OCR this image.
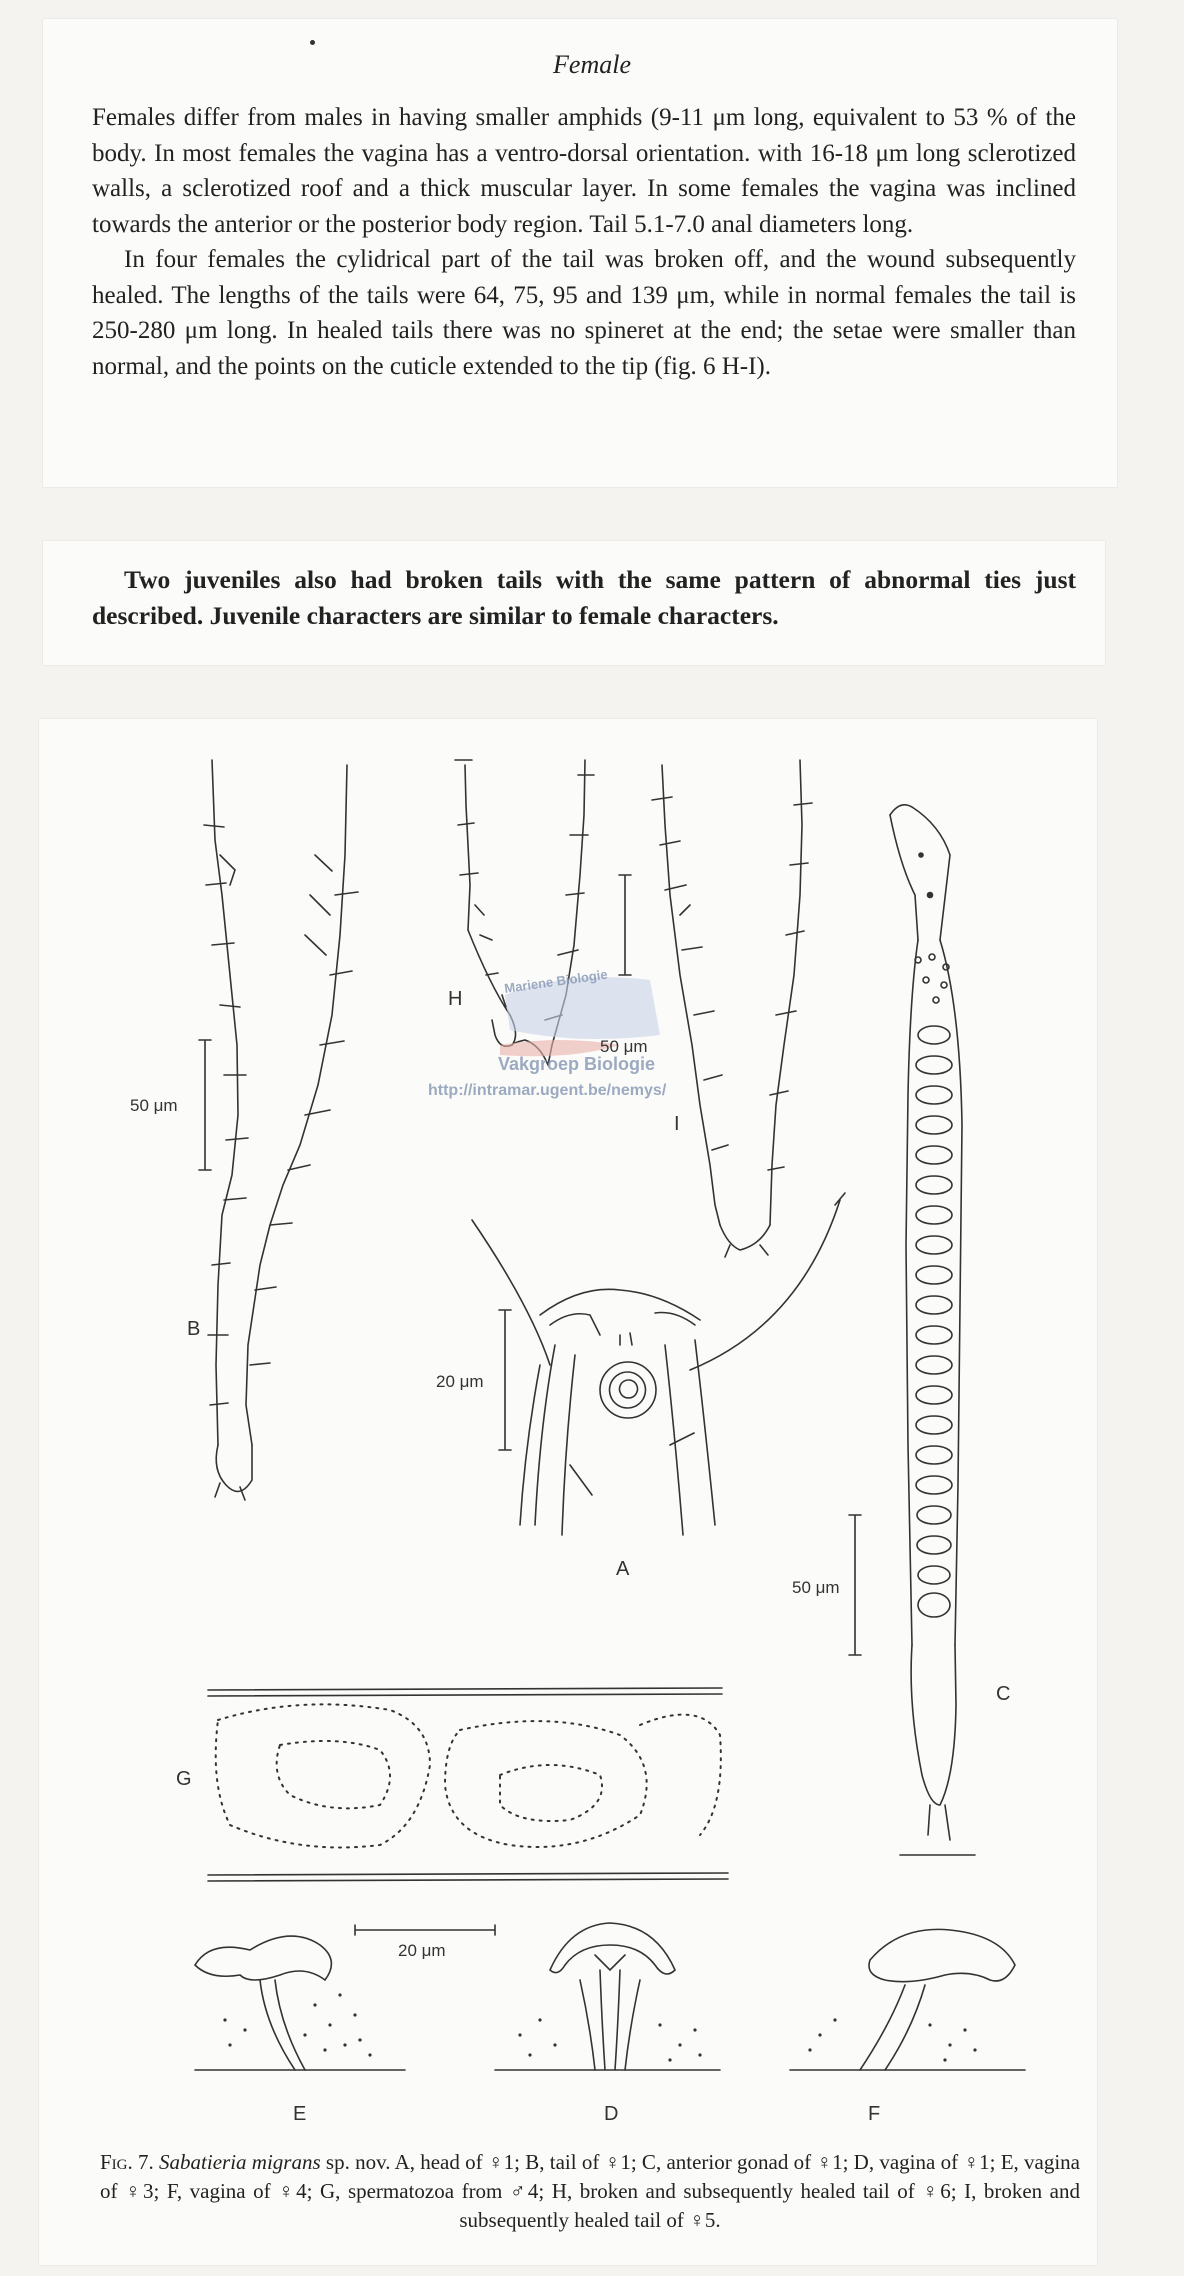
Female

Females differ from males in having smaller amphids (9-11 μm long, equivalent to 53 % of the body. In most females the vagina has a ventro-dorsal orientation. with 16-18 μm long sclerotized walls, a sclerotized roof and a thick muscular layer. In some females the vagina was inclined towards the anterior or the posterior body region. Tail 5.1-7.0 anal diameters long.

In four females the cylidrical part of the tail was broken off, and the wound subsequently healed. The lengths of the tails were 64, 75, 95 and 139 μm, while in normal females the tail is 250-280 μm long. In healed tails there was no spineret at the end; the setae were smaller than normal, and the points on the cuticle extended to the tip (fig. 6 H-I).

Two juveniles also had broken tails with the same pattern of abnormal ties just described. Juvenile characters are similar to female characters.

Mariene Biologie
Vakgroep Biologie
http://intramar.ugent.be/nemys/
B
H
I
A
C
G
E	D	F
50 μm
50 μm
20 μm
50 μm
20 μm
Fig. 7. Sabatieria migrans sp. nov. A, head of ♀1; B, tail of ♀1; C, anterior gonad of ♀1; D, vagina of ♀1; E, vagina of ♀3; F, vagina of ♀4; G, spermatozoa from ♂4; H, broken and subsequently healed tail of ♀6; I, broken and subsequently healed tail of ♀5.
